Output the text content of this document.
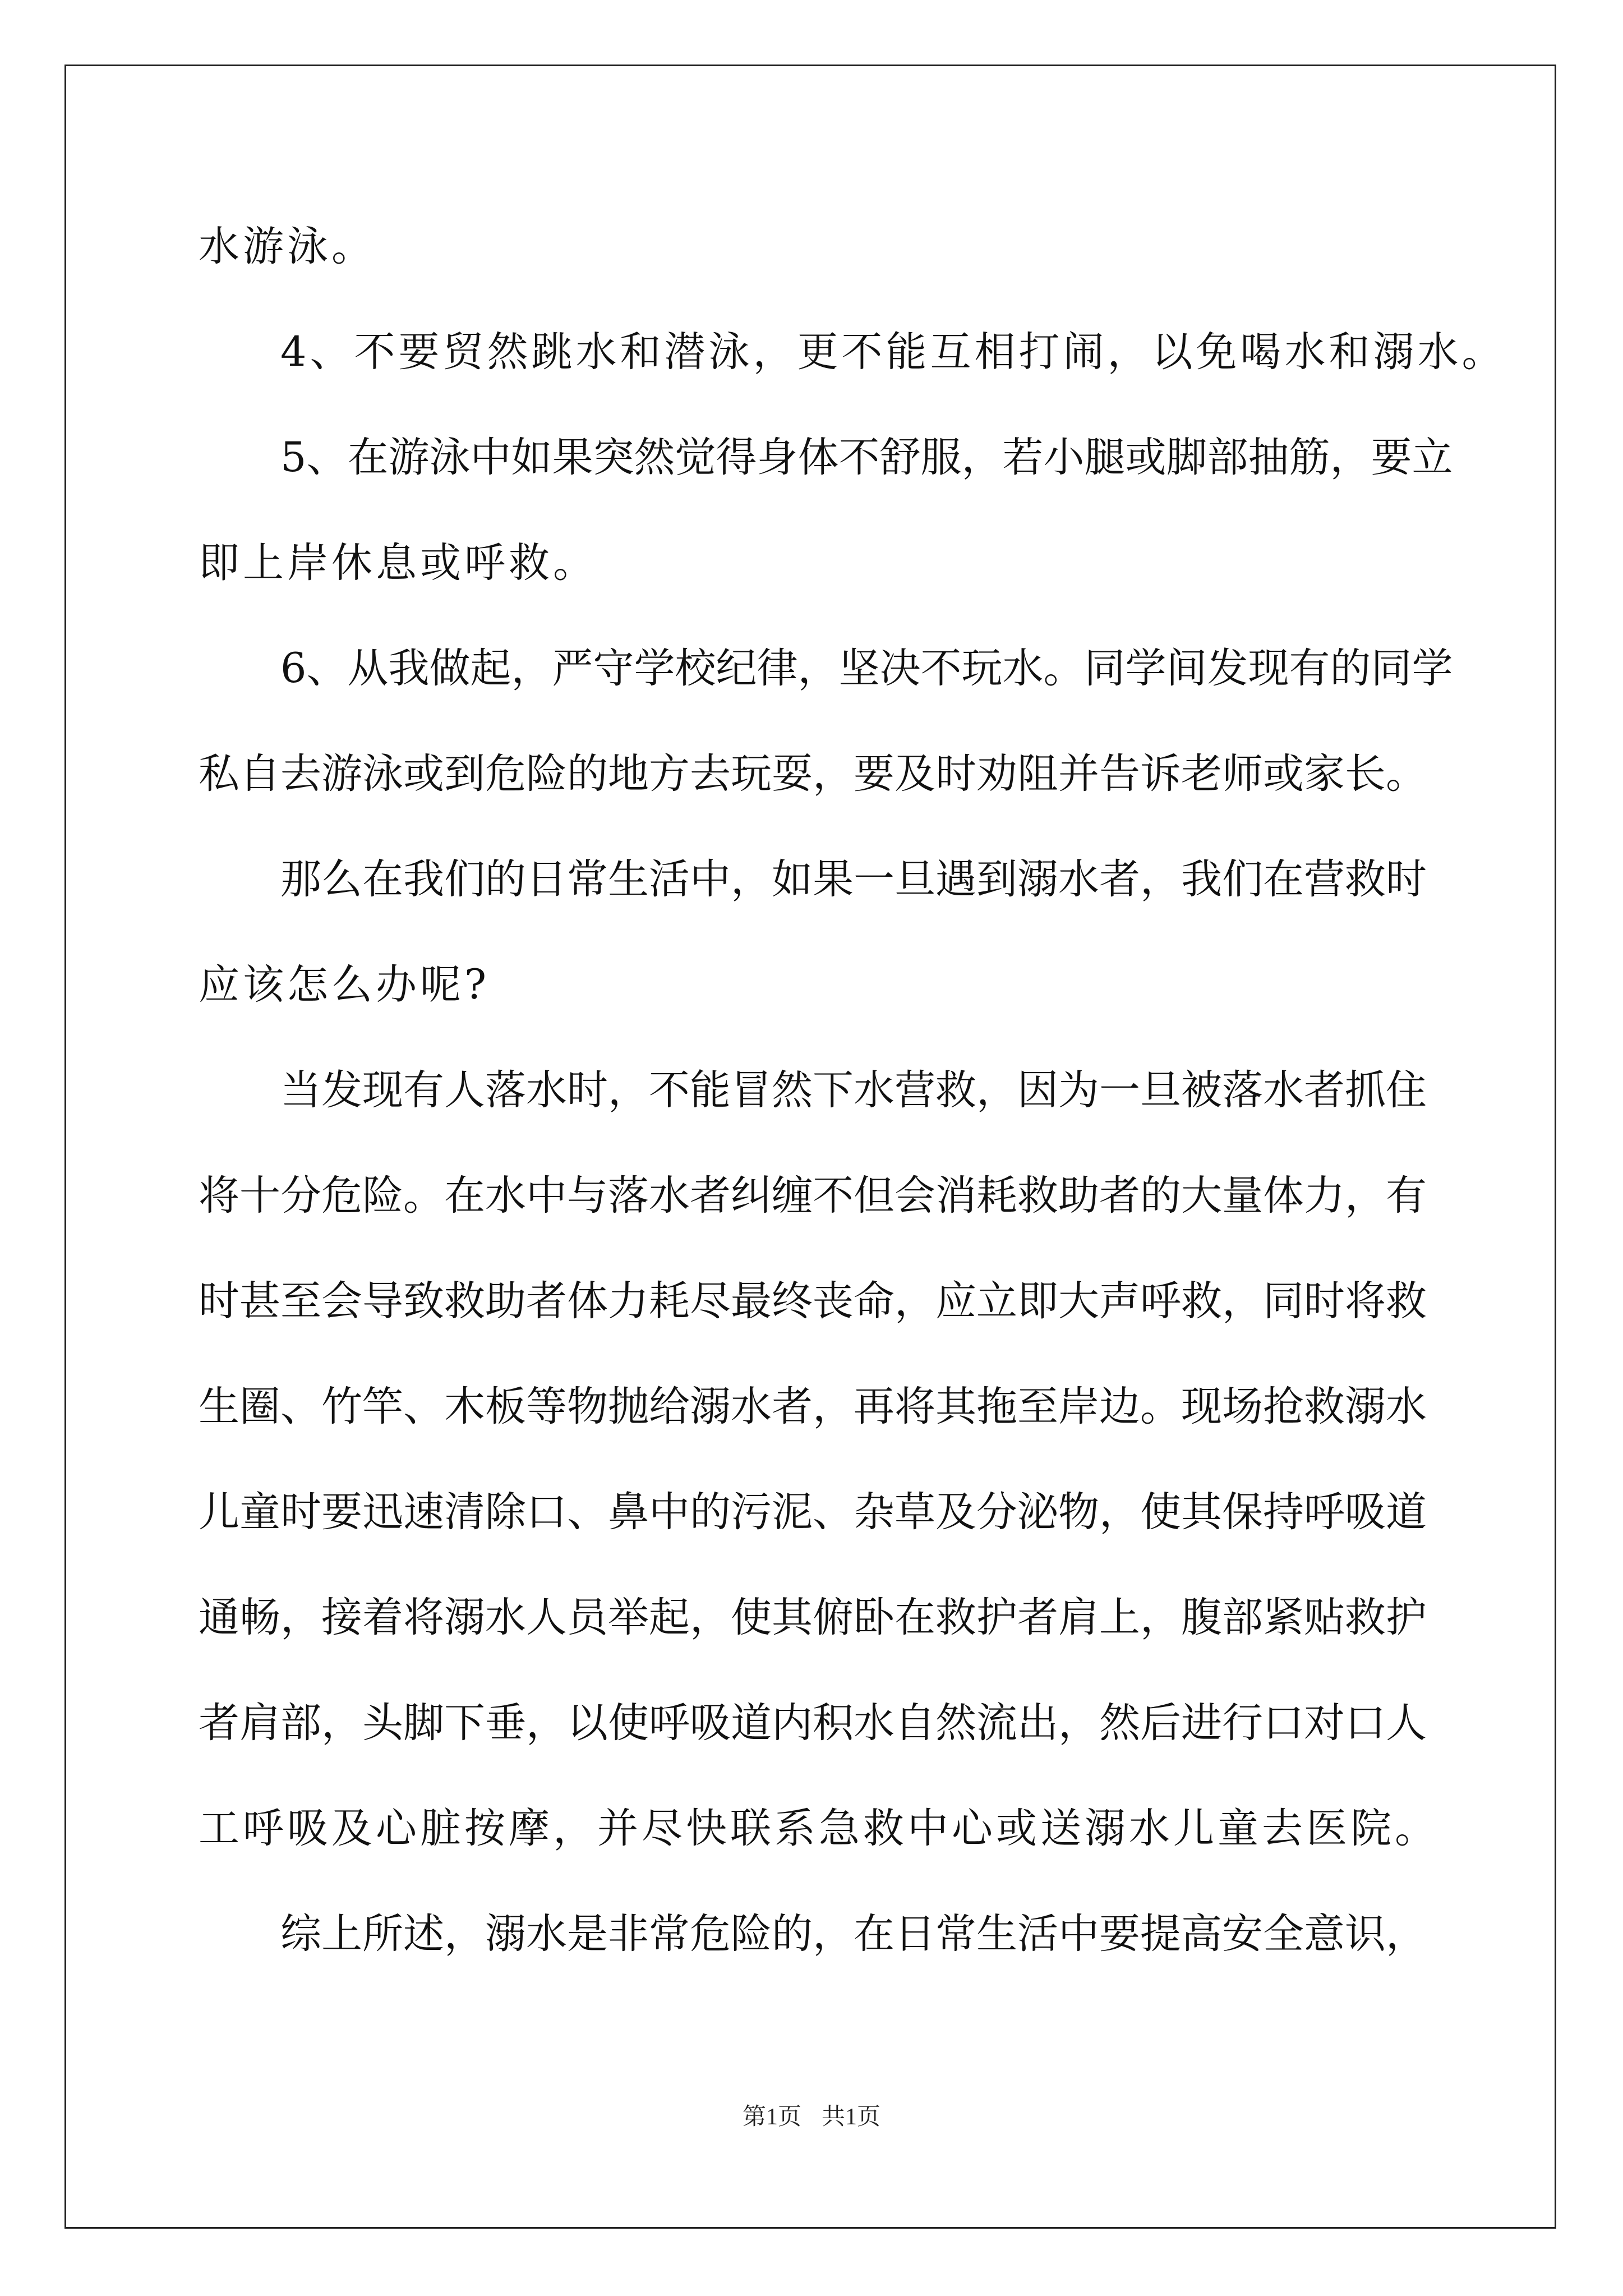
水游泳。
4、不要贸然跳水和潜泳，更不能互相打闹，以免喝水和溺水。
5、在游泳中如果突然觉得身体不舒服，若小腿或脚部抽筋，要立
即上岸休息或呼救。
6、从我做起，严守学校纪律，坚决不玩水。同学间发现有的同学
私自去游泳或到危险的地方去玩耍，要及时劝阻并告诉老师或家长。
那么在我们的日常生活中，如果一旦遇到溺水者，我们在营救时
应该怎么办呢?
当发现有人落水时，不能冒然下水营救，因为一旦被落水者抓住
将十分危险。在水中与落水者纠缠不但会消耗救助者的大量体力，有
时甚至会导致救助者体力耗尽最终丧命，应立即大声呼救，同时将救
生圈、竹竿、木板等物抛给溺水者，再将其拖至岸边。现场抢救溺水
儿童时要迅速清除口、鼻中的污泥、杂草及分泌物，使其保持呼吸道
通畅，接着将溺水人员举起，使其俯卧在救护者肩上，腹部紧贴救护
者肩部，头脚下垂，以使呼吸道内积水自然流出，然后进行口对口人
工呼吸及心脏按摩，并尽快联系急救中心或送溺水儿童去医院。
综上所述，溺水是非常危险的，在日常生活中要提高安全意识，
第1页 共1页
